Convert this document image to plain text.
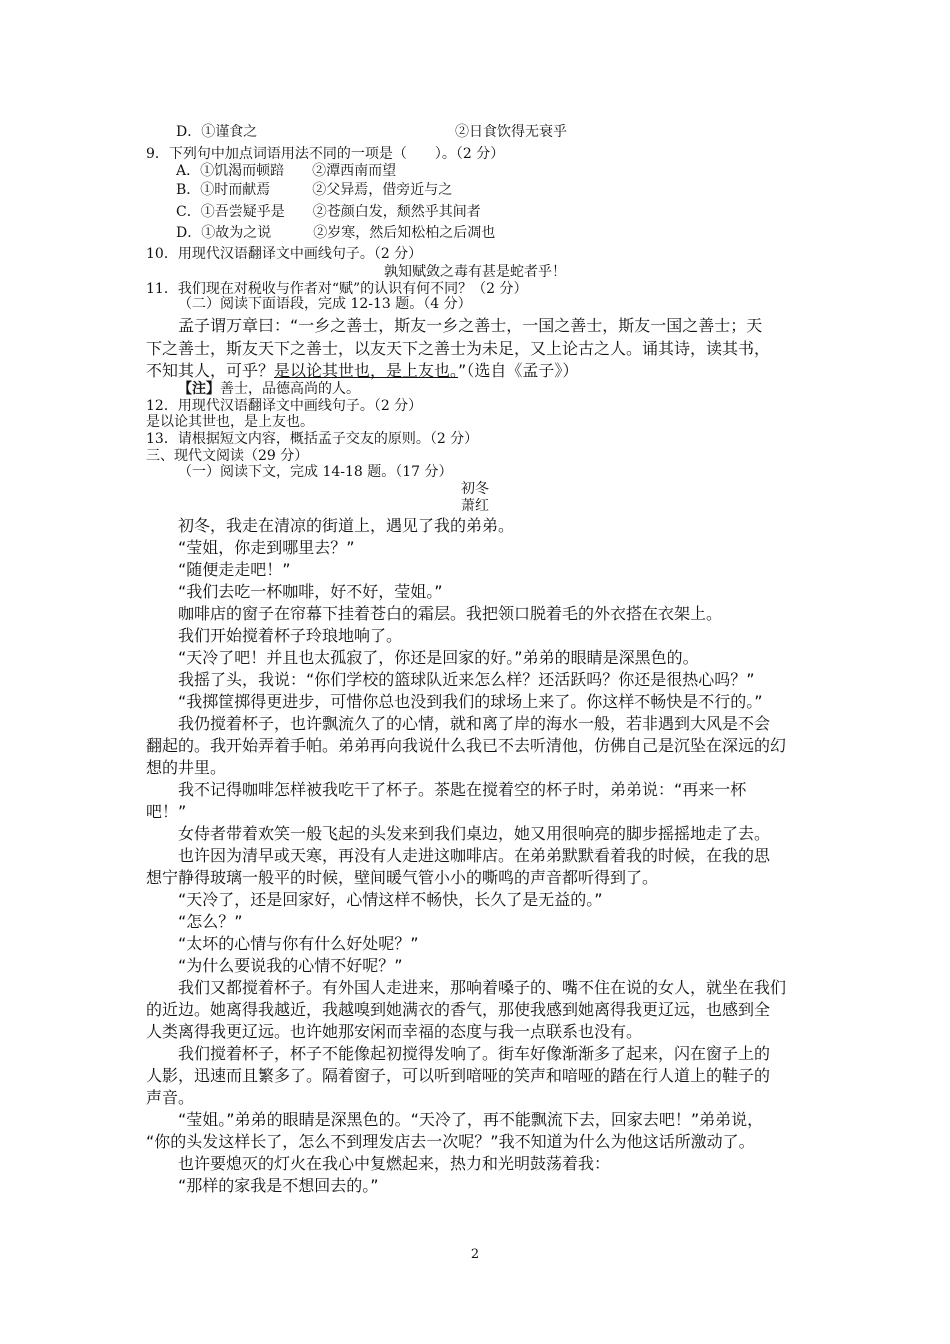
D．①谨食之	②日食饮得无衰乎
9．下列句中加点词语用法不同的一项是（　　）。（2 分）
A．①饥渴而顿踣　　②潭西南而望
B．①时而献焉　　　②父异焉，借旁近与之
C．①吾尝疑乎是　　②苍颜白发，颓然乎其间者
D．①故为之说　　　②岁寒，然后知松柏之后凋也
10．用现代汉语翻译文中画线句子。（2 分）
孰知赋敛之毒有甚是蛇者乎！
11．我们现在对税收与作者对“赋”的认识有何不同？（2 分）
（二）阅读下面语段，完成 12-13 题。（4 分）
孟子谓万章曰：“一乡之善士，斯友一乡之善士，一国之善士，斯友一国之善士；天
下之善士，斯友天下之善士，以友天下之善士为未足，又上论古之人。诵其诗，读其书，
不知其人，可乎？是以论其世也，是上友也。”（选自《孟子》）
【注】善士，品德高尚的人。
12．用现代汉语翻译文中画线句子。（2 分）
是以论其世也，是上友也。
13．请根据短文内容，概括孟子交友的原则。（2 分）
三、现代文阅读（29 分）
（一）阅读下文，完成 14-18 题。（17 分）
初冬
萧红
初冬，我走在清凉的街道上，遇见了我的弟弟。
“莹姐，你走到哪里去？”
“随便走走吧！”
“我们去吃一杯咖啡，好不好，莹姐。”
咖啡店的窗子在帘幕下挂着苍白的霜层。我把领口脱着毛的外衣搭在衣架上。
我们开始搅着杯子玲琅地响了。
“天冷了吧！并且也太孤寂了，你还是回家的好。”弟弟的眼睛是深黑色的。
我摇了头，我说：“你们学校的篮球队近来怎么样？还活跃吗？你还是很热心吗？”
“我掷筐掷得更进步，可惜你总也没到我们的球场上来了。你这样不畅快是不行的。”
我仍搅着杯子，也许飘流久了的心情，就和离了岸的海水一般，若非遇到大风是不会
翻起的。我开始弄着手帕。弟弟再向我说什么我已不去听清他，仿佛自己是沉坠在深远的幻
想的井里。
我不记得咖啡怎样被我吃干了杯子。茶匙在搅着空的杯子时，弟弟说：“再来一杯
吧！”
女侍者带着欢笑一般飞起的头发来到我们桌边，她又用很响亮的脚步摇摇地走了去。
也许因为清早或天寒，再没有人走进这咖啡店。在弟弟默默看着我的时候，在我的思
想宁静得玻璃一般平的时候，壁间暖气管小小的嘶鸣的声音都听得到了。
“天冷了，还是回家好，心情这样不畅快，长久了是无益的。”
“怎么？”
“太坏的心情与你有什么好处呢？”
“为什么要说我的心情不好呢？”
我们又都搅着杯子。有外国人走进来，那响着嗓子的、嘴不住在说的女人，就坐在我们
的近边。她离得我越近，我越嗅到她满衣的香气，那使我感到她离得我更辽远，也感到全
人类离得我更辽远。也许她那安闲而幸福的态度与我一点联系也没有。
我们搅着杯子，杯子不能像起初搅得发响了。街车好像渐渐多了起来，闪在窗子上的
人影，迅速而且繁多了。隔着窗子，可以听到喑哑的笑声和喑哑的踏在行人道上的鞋子的
声音。
“莹姐。”弟弟的眼睛是深黑色的。“天冷了，再不能飘流下去，回家去吧！”弟弟说，
“你的头发这样长了，怎么不到理发店去一次呢？”我不知道为什么为他这话所激动了。
也许要熄灭的灯火在我心中复燃起来，热力和光明鼓荡着我：
“那样的家我是不想回去的。”
2
